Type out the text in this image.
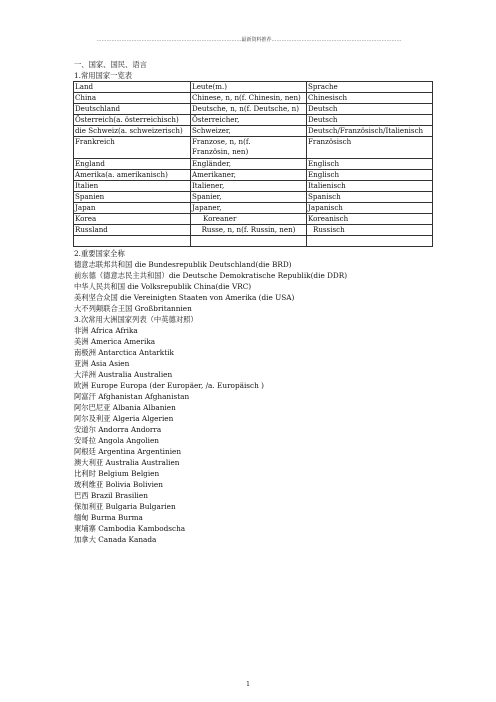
……………………………………………………………………………最新资料推荐……………………………………………………………………
一、国家、国民、语言
1.常用国家一览表
Land	Leute(m.)	Sprache
China	Chinese, n, n(f. Chinesin, nen)	Chinesisch
Deutschland	Deutsche, n, n(f. Deutsche, n)	Deutsch
Österreich(a. österreichisch)	Österreicher,	Deutsch
die Schweiz(a. schweizerisch)	Schweizer,	Deutsch/Französisch/Italienisch
Frankreich	Franzose, n, n(f.
Französin, nen)	Französisch
England	Engländer,	Englisch
Amerika(a. amerikanisch)	Amerikaner,	Englisch
Italien	Italiener,	Italienisch
Spanien	Spanier,	Spanisch
Japan	Japaner,	Japanisch
Korea	Koreaner	Koreanisch
Russland	Russe, n, n(f. Russin, nen)	Russisch

2.重要国家全称
德意志联邦共和国 die Bundesrepublik Deutschland(die BRD)
前东德（德意志民主共和国）die Deutsche Demokratische Republik(die DDR)
中华人民共和国 die Volksrepublik China(die VRC)
美利坚合众国 die Vereinigten Staaten von Amerika (die USA)
大不列颠联合王国 Großbritannien
3.次常用大洲国家列表（中英德对照）
非洲 Africa Afrika
美洲 America Amerika
南极洲 Antarctica Antarktik
亚洲 Asia Asien
大洋洲 Australia Australien
欧洲 Europe Europa (der Europäer, /a. Europäisch )
阿富汗 Afghanistan Afghanistan
阿尔巴尼亚 Albania Albanien
阿尔及利亚 Algeria Algerien
安道尔 Andorra Andorra
安哥拉 Angola Angolien
阿根廷 Argentina Argentinien
澳大利亚 Australia Australien
比利时 Belgium Belgien
玻利维亚 Bolivia Bolivien
巴西 Brazil Brasilien
保加利亚 Bulgaria Bulgarien
缅甸 Burma Burma
柬埔寨 Cambodia Kambodscha
加拿大 Canada Kanada
1
